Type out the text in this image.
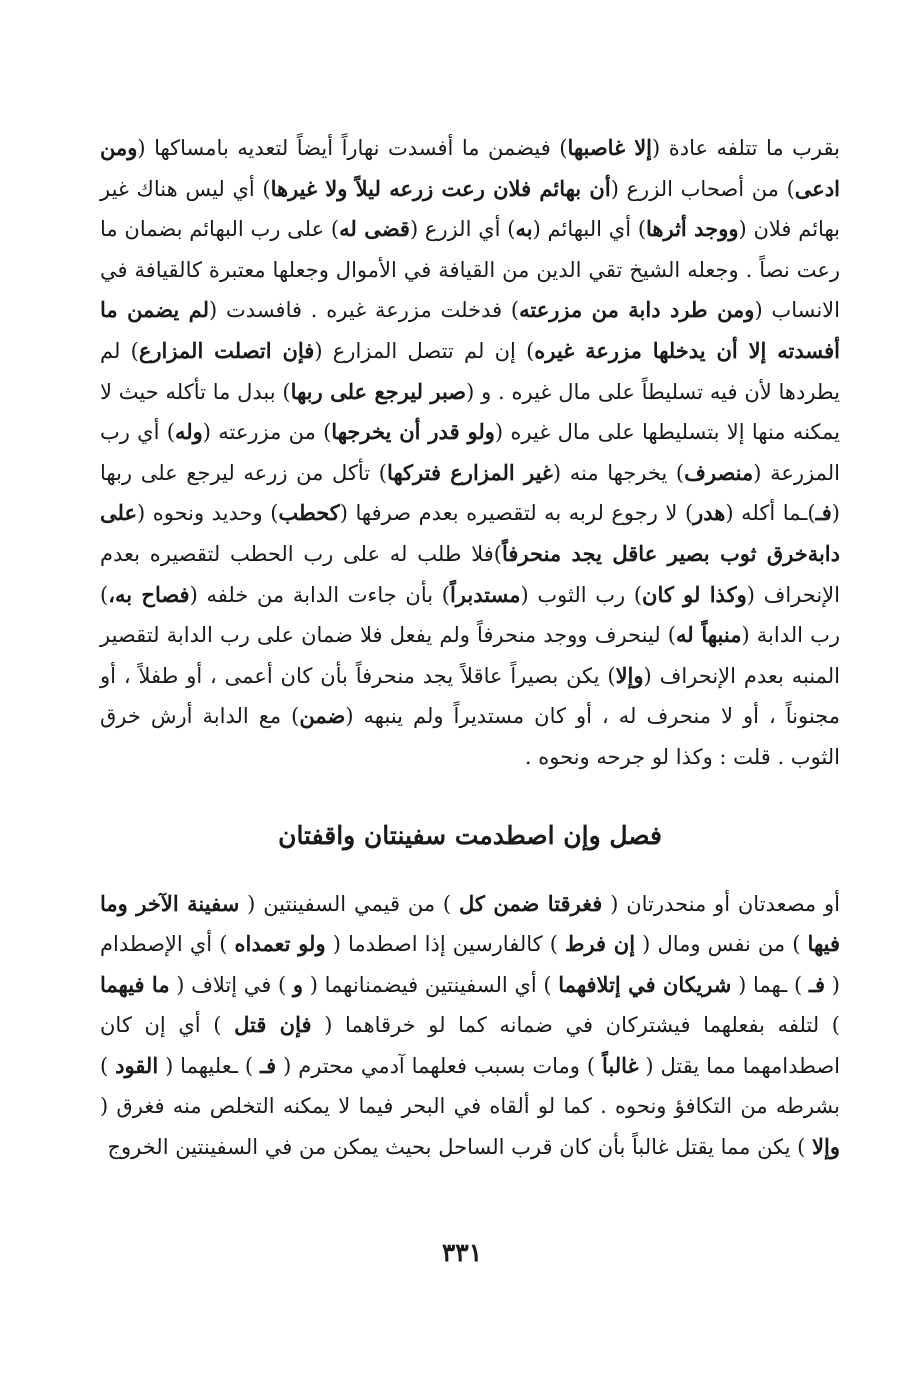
بقرب ما تتلفه عادة (إلا غاصبها) فيضمن ما أفسدت نهاراً أيضاً لتعديه بامساكها (ومن ادعى) من أصحاب الزرع (أن بهائم فلان رعت زرعه ليلاً ولا غيرها) أي ليس هناك غير بهائم فلان (ووجد أثرها) أي البهائم (به) أي الزرع (قضى له) على رب البهائم بضمان ما رعت نصاً . وجعله الشيخ تقي الدين من القيافة في الأموال وجعلها معتبرة كالقيافة في الانساب (ومن طرد دابة من مزرعته) فدخلت مزرعة غيره . فافسدت (لم يضمن ما أفسدته إلا أن يدخلها مزرعة غيره) إن لم تتصل المزارع (فإن اتصلت المزارع) لم يطردها لأن فيه تسليطاً على مال غيره . و (صبر ليرجع على ربها) ببدل ما تأكله حيث لا يمكنه منها إلا بتسليطها على مال غيره (ولو قدر أن يخرجها) من مزرعته (وله) أي رب المزرعة (منصرف) يخرجها منه (غير المزارع فتركها) تأكل من زرعه ليرجع على ربها (فـ)ـما أكله (هدر) لا رجوع لربه به لتقصيره بعدم صرفها (كحطب) وحديد ونحوه (على دابةخرق ثوب بصير عاقل يجد منحرفاً)فلا طلب له على رب الحطب لتقصيره بعدم الإنحراف (وكذا لو كان) رب الثوب (مستدبراً) بأن جاءت الدابة من خلفه (فصاح به،) رب الدابة (منبهاً له) لينحرف ووجد منحرفاً ولم يفعل فلا ضمان على رب الدابة لتقصير المنبه بعدم الإنحراف (وإلا) يكن بصيراً عاقلاً يجد منحرفاً بأن كان أعمى ، أو طفلاً ، أو مجنوناً ، أو لا منحرف له ، أو كان مستديراً ولم ينبهه (ضمن) مع الدابة أرش خرق الثوب . قلت : وكذا لو جرحه ونحوه .

فصل وإن اصطدمت سفينتان واقفتان

أو مصعدتان أو منحدرتان ( فغرقتا ضمن كل ) من قيمي السفينتين ( سفينة الآخر وما فيها ) من نفس ومال ( إن فرط ) كالفارسين إذا اصطدما ( ولو تعمداه ) أي الإصطدام ( فـ ) ـهما ( شريكان في إتلافهما ) أي السفينتين فيضمنانهما ( و ) في إتلاف ( ما فيهما ) لتلفه بفعلهما فيشتركان في ضمانه كما لو خرقاهما ( فإن قتل ) أي إن كان اصطدامهما مما يقتل ( غالباً ) ومات بسبب فعلهما آدمي محترم ( فـ ) ـعليهما ( القود ) بشرطه من التكافؤ ونحوه . كما لو ألقاه في البحر فيما لا يمكنه التخلص منه فغرق ( وإلا ) يكن مما يقتل غالباً بأن كان قرب الساحل بحيث يمكن من في السفينتين الخروج

٣٣١
